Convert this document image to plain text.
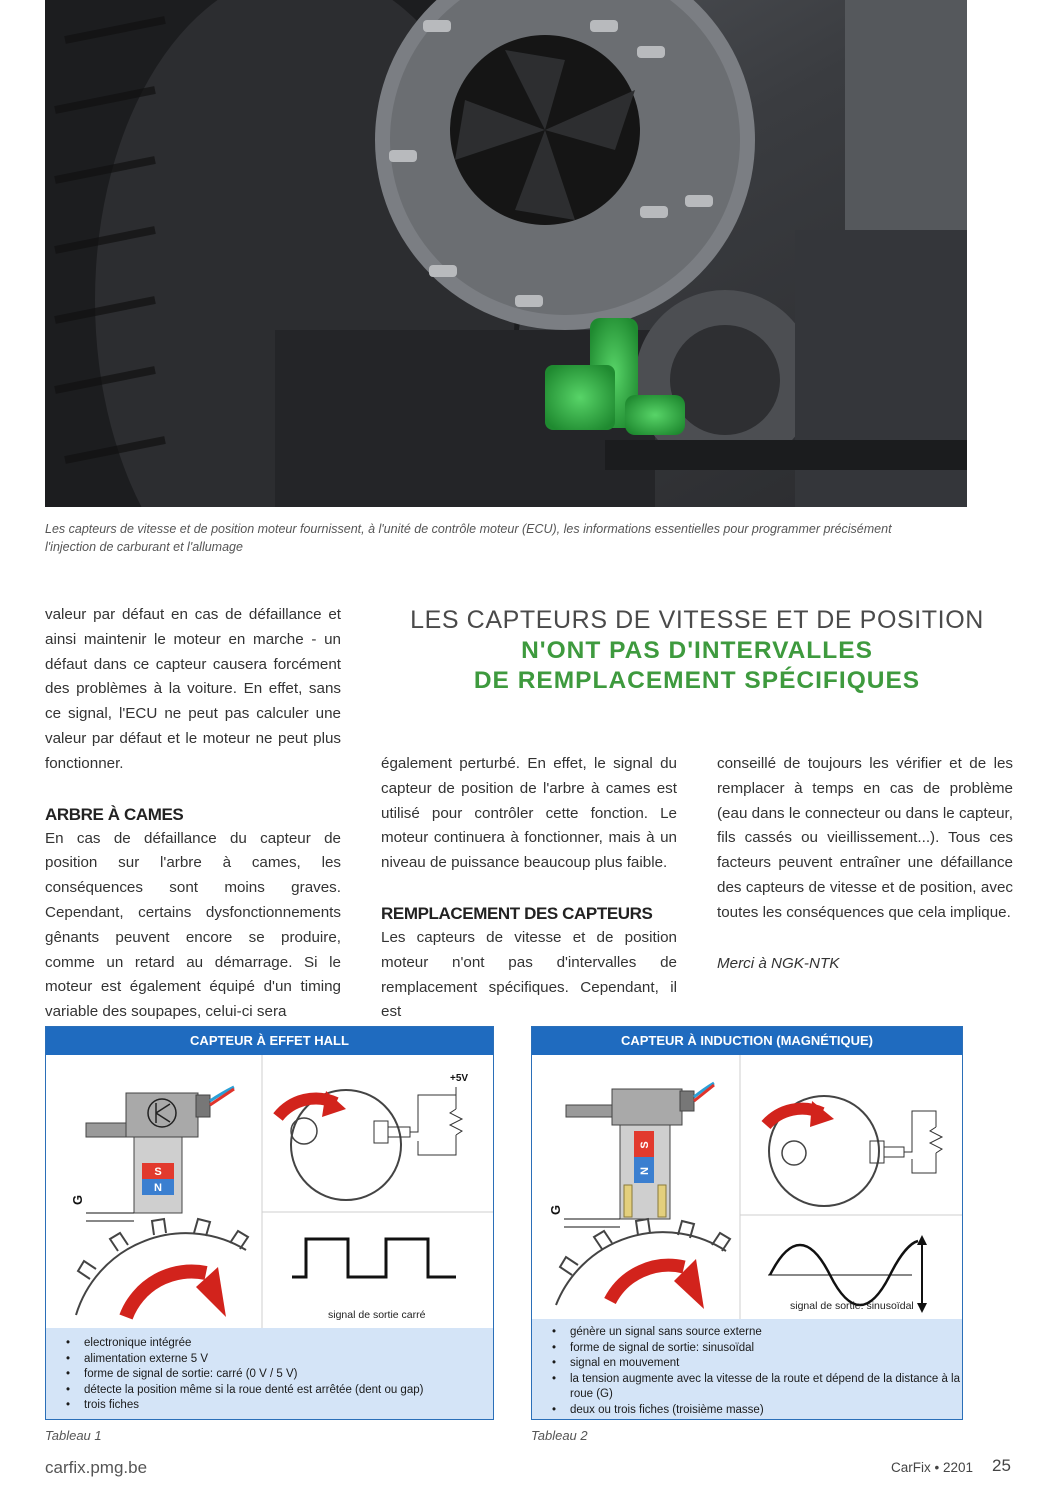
Les capteurs de vitesse et de position moteur fournissent, à l'unité de contrôle moteur (ECU), les informations essentielles pour programmer précisément l'injection de carburant et l'allumage

valeur par défaut en cas de défaillance et ainsi maintenir le moteur en marche - un défaut dans ce capteur causera forcément des problèmes à la voiture. En effet, sans ce signal, l'ECU ne peut pas calculer une valeur par défaut et le moteur ne peut plus fonctionner.

ARBRE À CAMES

En cas de défaillance du capteur de position sur l'arbre à cames, les conséquences sont moins graves. Cependant, certains dysfonctionnements gênants peuvent encore se produire, comme un retard au démarrage. Si le moteur est également équipé d'un timing variable des soupapes, celui-ci sera

LES CAPTEURS DE VITESSE ET DE POSITION
N'ONT PAS D'INTERVALLES
DE REMPLACEMENT SPÉCIFIQUES

également perturbé. En effet, le signal du capteur de position de l'arbre à cames est utilisé pour contrôler cette fonction. Le moteur continuera à fonctionner, mais à un niveau de puissance beaucoup plus faible.

REMPLACEMENT DES CAPTEURS

Les capteurs de vitesse et de position moteur n'ont pas d'intervalles de remplacement spécifiques. Cependant, il est

conseillé de toujours les vérifier et de les remplacer à temps en cas de problème (eau dans le connecteur ou dans le capteur, fils cassés ou vieillissement...). Tous ces facteurs peuvent entraîner une défaillance des capteurs de vitesse et de position, avec toutes les conséquences que cela implique.

Merci à NGK-NTK

CAPTEUR À EFFET HALL
S
N
G
+5V
signal de sortie carré
• electronique intégrée
• alimentation externe 5 V
• forme de signal de sortie: carré (0 V / 5 V)
• détecte la position même si la roue denté est arrêtée (dent ou gap)
• trois fiches
Tableau 1
CAPTEUR À INDUCTION (MAGNÉTIQUE)
S
N
G
signal de sortie: sinusoïdal
• génère un signal sans source externe
• forme de signal de sortie: sinusoïdal
• signal en mouvement
• la tension augmente avec la vitesse de la route et dépend de la distance à la roue (G)
• deux ou trois fiches (troisième masse)
Tableau 2
carfix.pmg.be	CarFix • 2201 25
